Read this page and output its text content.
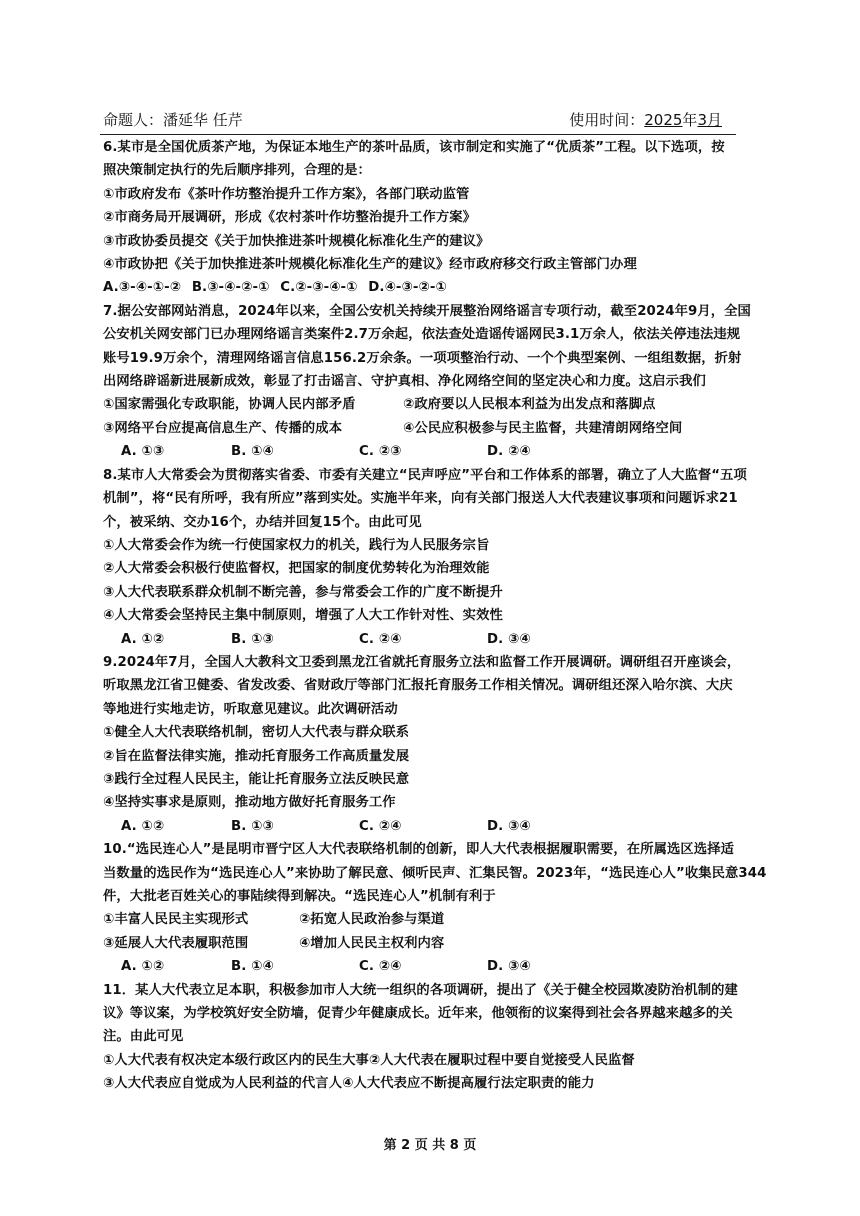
命题人：潘延华 任芹	使用时间：2025年3月

6.某市是全国优质茶产地，为保证本地生产的茶叶品质，该市制定和实施了“优质茶”工程。以下选项，按

照决策制定执行的先后顺序排列，合理的是：

①市政府发布《茶叶作坊整治提升工作方案》，各部门联动监管

②市商务局开展调研，形成《农村茶叶作坊整治提升工作方案》

③市政协委员提交《关于加快推进茶叶规模化标准化生产的建议》

④市政协把《关于加快推进茶叶规模化标准化生产的建议》经市政府移交行政主管部门办理

A.③-④-①-② B.③-④-②-① C.②-③-④-① D.④-③-②-①

7.据公安部网站消息，2024年以来，全国公安机关持续开展整治网络谣言专项行动，截至2024年9月，全国

公安机关网安部门已办理网络谣言类案件2.7万余起，依法查处造谣传谣网民3.1万余人，依法关停违法违规

账号19.9万余个，清理网络谣言信息156.2万余条。一项项整治行动、一个个典型案例、一组组数据，折射

出网络辟谣新进展新成效，彰显了打击谣言、守护真相、净化网络空间的坚定决心和力度。这启示我们

①国家需强化专政职能，协调人民内部矛盾	②政府要以人民根本利益为出发点和落脚点

③网络平台应提高信息生产、传播的成本	④公民应积极参与民主监督，共建清朗网络空间

A. ①③	B. ①④	C. ②③	D. ②④

8.某市人大常委会为贯彻落实省委、市委有关建立“民声呼应”平台和工作体系的部署，确立了人大监督“五项

机制”，将“民有所呼，我有所应”落到实处。实施半年来，向有关部门报送人大代表建议事项和问题诉求21

个，被采纳、交办16个，办结并回复15个。由此可见

①人大常委会作为统一行使国家权力的机关，践行为人民服务宗旨

②人大常委会积极行使监督权，把国家的制度优势转化为治理效能

③人大代表联系群众机制不断完善，参与常委会工作的广度不断提升

④人大常委会坚持民主集中制原则，增强了人大工作针对性、实效性

A. ①②	B. ①③	C. ②④	D. ③④

9.2024年7月，全国人大教科文卫委到黑龙江省就托育服务立法和监督工作开展调研。调研组召开座谈会，

听取黑龙江省卫健委、省发改委、省财政厅等部门汇报托育服务工作相关情况。调研组还深入哈尔滨、大庆

等地进行实地走访，听取意见建议。此次调研活动

①健全人大代表联络机制，密切人大代表与群众联系

②旨在监督法律实施，推动托育服务工作高质量发展

③践行全过程人民民主，能让托育服务立法反映民意

④坚持实事求是原则，推动地方做好托育服务工作

A. ①②	B. ①③	C. ②④	D. ③④

10.“选民连心人”是昆明市晋宁区人大代表联络机制的创新，即人大代表根据履职需要，在所属选区选择适

当数量的选民作为“选民连心人”来协助了解民意、倾听民声、汇集民智。2023年，“选民连心人”收集民意344

件，大批老百姓关心的事陆续得到解决。“选民连心人”机制有利于

①丰富人民民主实现形式	②拓宽人民政治参与渠道

③延展人大代表履职范围	④增加人民民主权利内容

A. ①②	B. ①④	C. ②④	D. ③④

11．某人大代表立足本职，积极参加市人大统一组织的各项调研，提出了《关于健全校园欺凌防治机制的建

议》等议案，为学校筑好安全防墙，促青少年健康成长。近年来，他领衔的议案得到社会各界越来越多的关

注。由此可见

①人大代表有权决定本级行政区内的民生大事②人大代表在履职过程中要自觉接受人民监督

③人大代表应自觉成为人民利益的代言人④人大代表应不断提高履行法定职责的能力

第 2 页 共 8 页
